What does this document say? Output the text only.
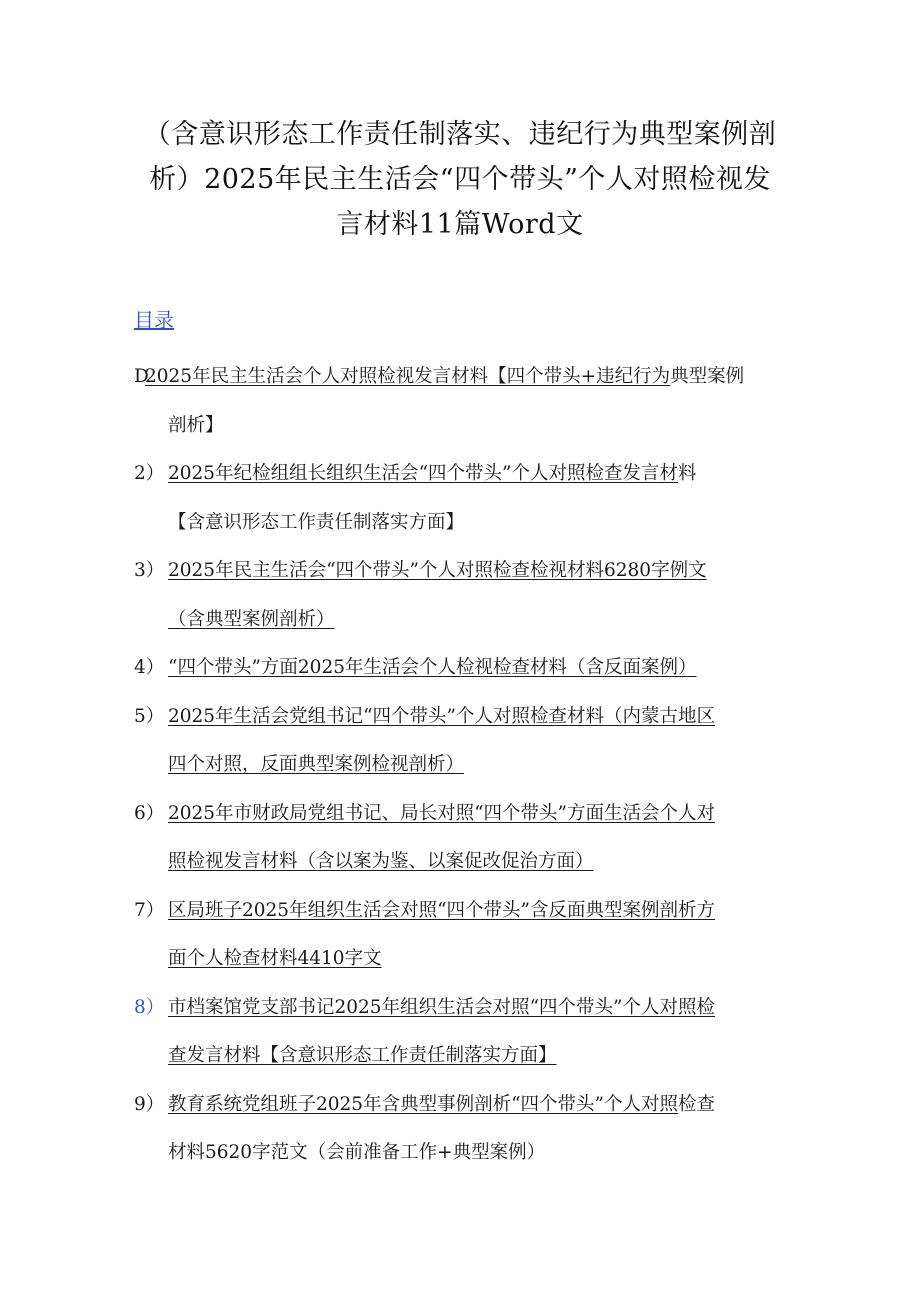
（含意识形态工作责任制落实、违纪行为典型案例剖
析）2025年民主生活会“四个带头”个人对照检视发
言材料11篇Word文
目录
D
2025年民主生活会个人对照检视发言材料【四个带头+违纪行为典型案例
剖析】
2） 2025年纪检组组长组织生活会“四个带头”个人对照检查发言材料
【含意识形态工作责任制落实方面】
3） 2025年民主生活会“四个带头”个人对照检查检视材料6280字例文
（含典型案例剖析）
4） “四个带头”方面2025年生活会个人检视检查材料（含反面案例）
5） 2025年生活会党组书记“四个带头”个人对照检查材料（内蒙古地区
四个对照，反面典型案例检视剖析）
6） 2025年市财政局党组书记、局长对照“四个带头”方面生活会个人对
照检视发言材料（含以案为鉴、以案促改促治方面）
7） 区局班子2025年组织生活会对照“四个带头”含反面典型案例剖析方
面个人检查材料4410字文
8） 市档案馆党支部书记2025年组织生活会对照“四个带头”个人对照检
查发言材料【含意识形态工作责任制落实方面】
9） 教育系统党组班子2025年含典型事例剖析“四个带头”个人对照检查
材料5620字范文（会前准备工作+典型案例）
